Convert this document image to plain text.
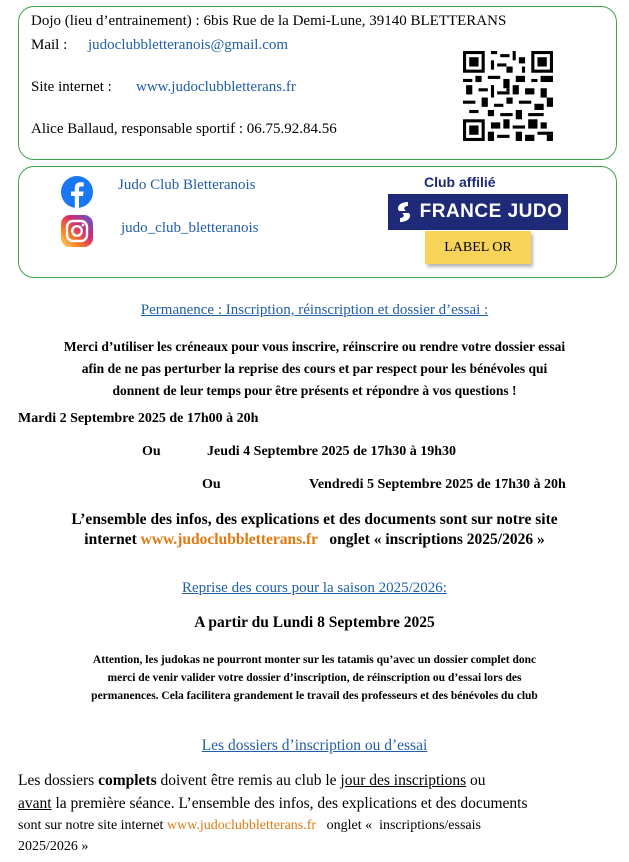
Dojo (lieu d’entrainement) : 6bis Rue de la Demi-Lune, 39140 BLETTERANS
Mail : judoclubbletteranois@gmail.com
Site internet : www.judoclubbletterans.fr
Alice Ballaud, responsable sportif : 06.75.92.84.56
Judo Club Bletteranois
judo_club_bletteranois
Club affilié
FRANCE JUDO
LABEL OR
Permanence : Inscription, réinscription et dossier d’essai :
Merci d’utiliser les créneaux pour vous inscrire, réinscrire ou rendre votre dossier essai
afin de ne pas perturber la reprise des cours et par respect pour les bénévoles qui
donnent de leur temps pour être présents et répondre à vos questions !
Mardi 2 Septembre 2025 de 17h00 à 20h
Ou	Jeudi 4 Septembre 2025 de 17h30 à 19h30
Ou	Vendredi 5 Septembre 2025 de 17h30 à 20h
L’ensemble des infos, des explications et des documents sont sur notre site
internet www.judoclubbletterans.fr onglet « inscriptions 2025/2026 »
Reprise des cours pour la saison 2025/2026:
A partir du Lundi 8 Septembre 2025
Attention, les judokas ne pourront monter sur les tatamis qu’avec un dossier complet donc
merci de venir valider votre dossier d’inscription, de réinscription ou d’essai lors des
permanences. Cela facilitera grandement le travail des professeurs et des bénévoles du club
Les dossiers d’inscription ou d’essai
Les dossiers complets doivent être remis au club le jour des inscriptions ou
avant la première séance. L’ensemble des infos, des explications et des documents
sont sur notre site internet www.judoclubbletterans.fr   onglet «  inscriptions/essais
2025/2026 »
